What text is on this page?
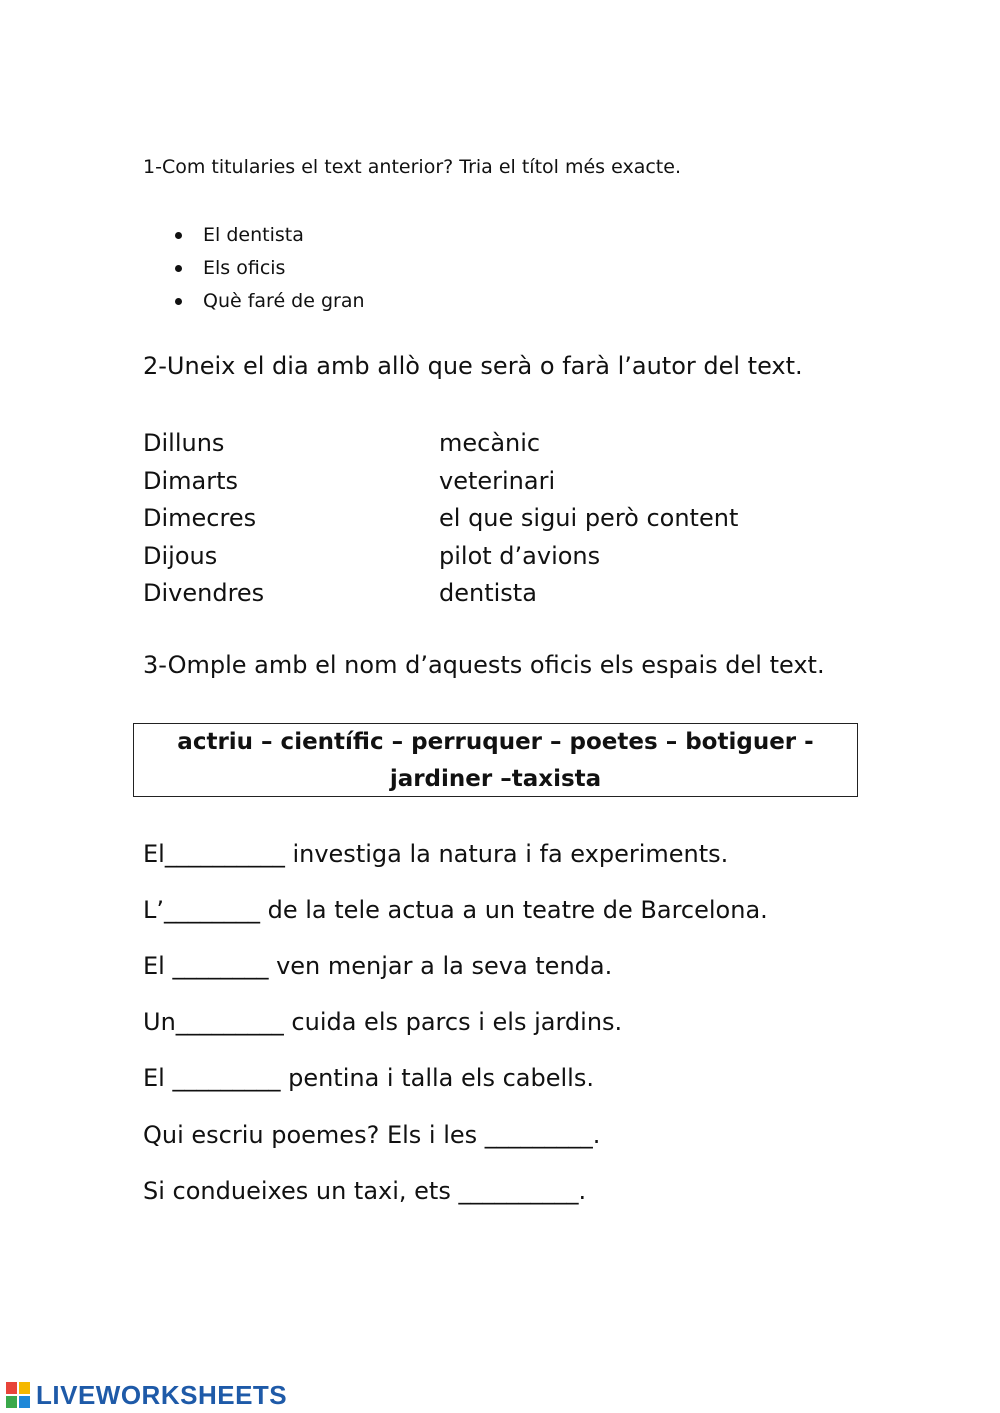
1-Com titularies el text anterior? Tria el títol més exacte.
El dentista
Els oficis
Què faré de gran
2-Uneix el dia amb allò que serà o farà l’autor del text.
Dilluns
Dimarts
Dimecres
Dijous
Divendres
mecànic
veterinari
el que sigui però content
pilot d’avions
dentista
3-Omple amb el nom d’aquests oficis els espais del text.
actriu – científic – perruquer – poetes – botiguer -
jardiner –taxista
El__________ investiga la natura i fa experiments.
L’________ de la tele actua a un teatre de Barcelona.
El ________ ven menjar a la seva tenda.
Un_________ cuida els parcs i els jardins.
El _________ pentina i talla els cabells.
Qui escriu poemes? Els i les _________.
Si condueixes un taxi, ets __________.
LIVEWORKSHEETS
